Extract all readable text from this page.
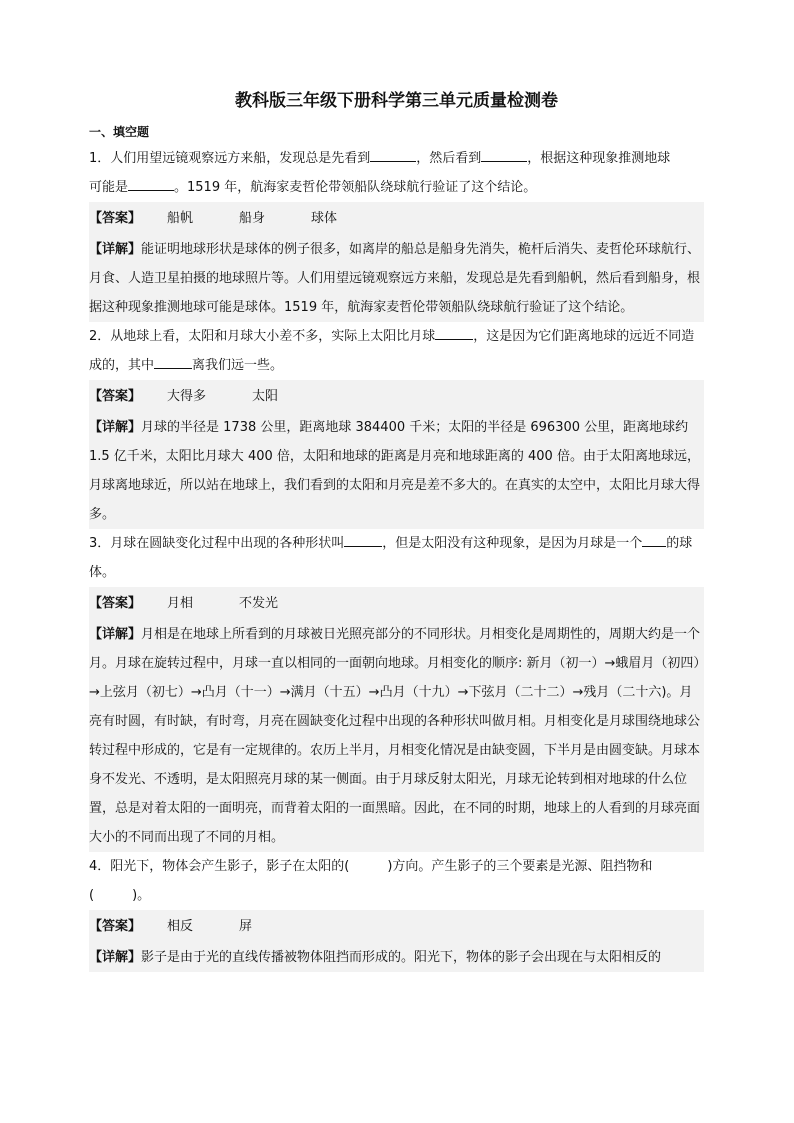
教科版三年级下册科学第三单元质量检测卷
一、填空题

1．人们用望远镜观察远方来船，发现总是先看到	，然后看到	，根据这种现象推测地球
可能是	。1519 年，航海家麦哲伦带领船队绕球航行验证了这个结论。

【答案】 船帆	船身	球体
【详解】能证明地球形状是球体的例子很多，如离岸的船总是船身先消失，桅杆后消失、麦哲伦环球航行、月食、人造卫星拍摄的地球照片等。人们用望远镜观察远方来船，发现总是先看到船帆，然后看到船身，根据这种现象推测地球可能是球体。1519 年，航海家麦哲伦带领船队绕球航行验证了这个结论。

2．从地球上看，太阳和月球大小差不多，实际上太阳比月球	，这是因为它们距离地球的远近不同造成的，其中	离我们远一些。

【答案】 大得多	太阳
【详解】月球的半径是 1738 公里，距离地球 384400 千米；太阳的半径是 696300 公里，距离地球约 1.5 亿千米，太阳比月球大 400 倍，太阳和地球的距离是月亮和地球距离的 400 倍。由于太阳离地球远，月球离地球近，所以站在地球上，我们看到的太阳和月亮是差不多大的。在真实的太空中，太阳比月球大得多。

3．月球在圆缺变化过程中出现的各种形状叫	，但是太阳没有这种现象，是因为月球是一个 的球体。

【答案】 月相	不发光
【详解】月相是在地球上所看到的月球被日光照亮部分的不同形状。月相变化是周期性的，周期大约是一个月。月球在旋转过程中，月球一直以相同的一面朝向地球。月相变化的顺序: 新月（初一）→蛾眉月（初四）→上弦月（初七）→凸月（十一）→满月（十五）→凸月（十九）→下弦月（二十二）→残月（二十六)。月亮有时圆，有时缺，有时弯，月亮在圆缺变化过程中出现的各种形状叫做月相。月相变化是月球围绕地球公转过程中形成的，它是有一定规律的。农历上半月，月相变化情况是由缺变圆，下半月是由圆变缺。月球本身不发光、不透明，是太阳照亮月球的某一侧面。由于月球反射太阳光，月球无论转到相对地球的什么位置，总是对着太阳的一面明亮，而背着太阳的一面黑暗。因此，在不同的时期，地球上的人看到的月球亮面大小的不同而出现了不同的月相。

4．阳光下，物体会产生影子，影子在太阳的(	)方向。产生影子的三个要素是光源、阻挡物和
(	)。

【答案】 相反	屏
【详解】影子是由于光的直线传播被物体阻挡而形成的。阳光下，物体的影子会出现在与太阳相反的
